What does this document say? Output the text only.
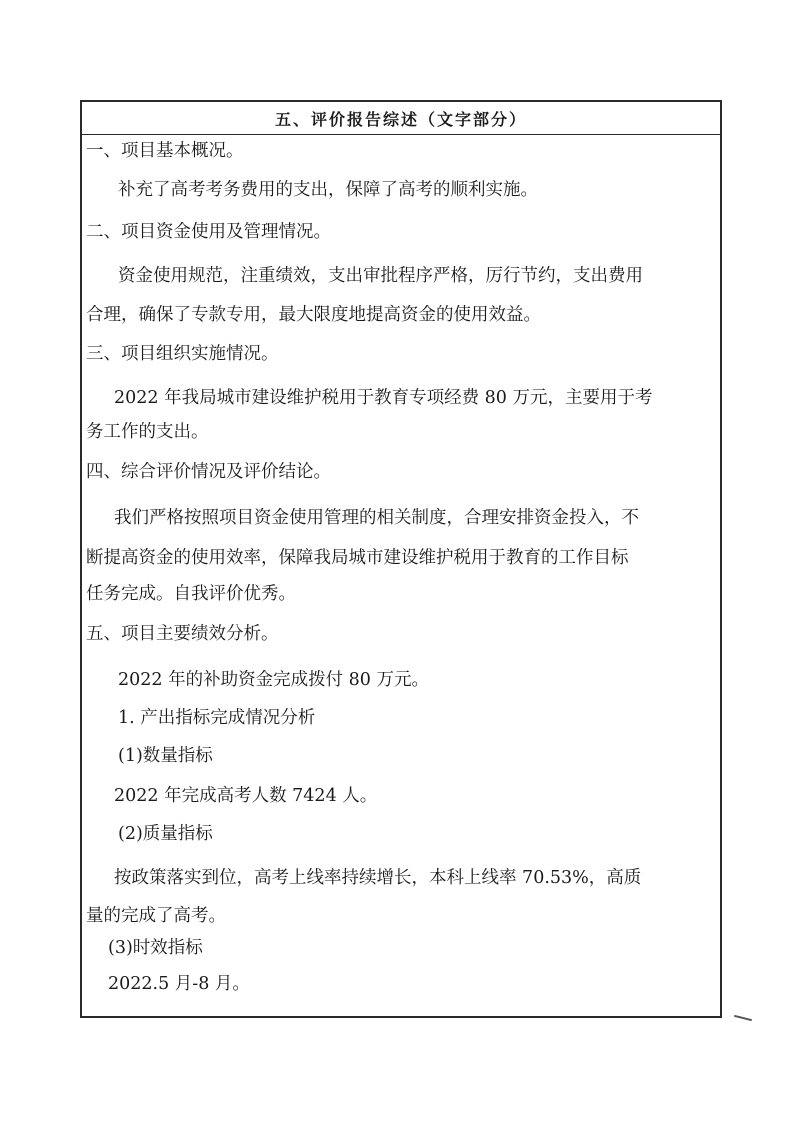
五、评价报告综述（文字部分）
一、项目基本概况。
补充了高考考务费用的支出，保障了高考的顺利实施。
二、项目资金使用及管理情况。
资金使用规范，注重绩效，支出审批程序严格，厉行节约，支出费用
合理，确保了专款专用，最大限度地提高资金的使用效益。
三、项目组织实施情况。
2022 年我局城市建设维护税用于教育专项经费 80 万元，主要用于考
务工作的支出。
四、综合评价情况及评价结论。
我们严格按照项目资金使用管理的相关制度，合理安排资金投入，不
断提高资金的使用效率，保障我局城市建设维护税用于教育的工作目标
任务完成。自我评价优秀。
五、项目主要绩效分析。
2022 年的补助资金完成拨付 80 万元。
1. 产出指标完成情况分析
(1)数量指标
2022 年完成高考人数 7424 人。
(2)质量指标
按政策落实到位，高考上线率持续增长，本科上线率 70.53%，高质
量的完成了高考。
(3)时效指标
2022.5 月-8 月。
